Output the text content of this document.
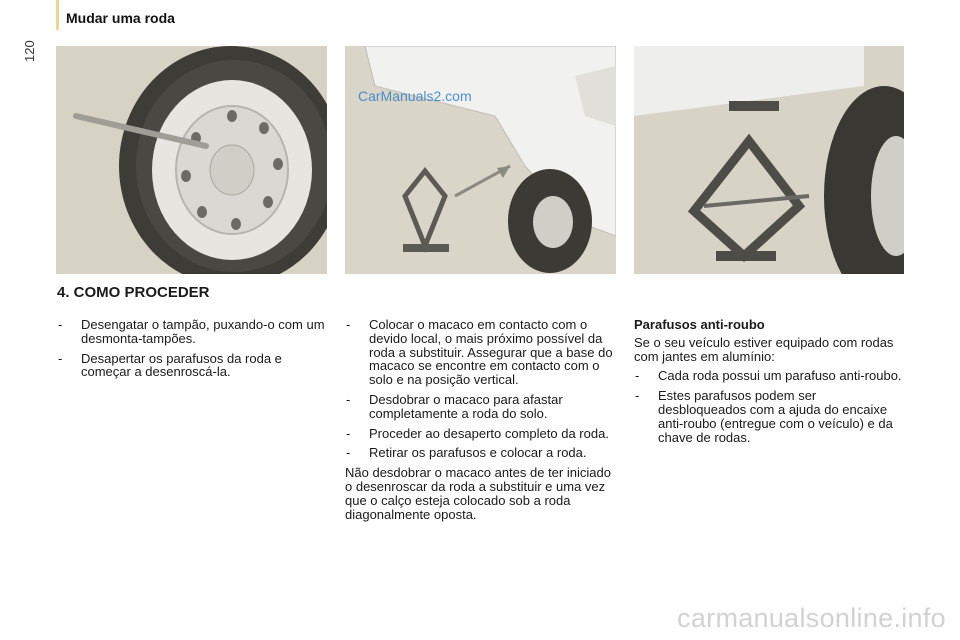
120
Mudar uma roda
CarManuals2.com
4. COMO PROCEDER
- Desengatar o tampão, puxando-o com um desmonta-tampões.
- Desapertar os parafusos da roda e começar a desenroscá-la.
- Colocar o macaco em contacto com o devido local, o mais próximo possível da roda a substituir. Assegurar que a base do macaco se encontre em contacto com o solo e na posição vertical.
- Desdobrar o macaco para afastar completamente a roda do solo.
- Proceder ao desaperto completo da roda.
- Retirar os parafusos e colocar a roda.
Não desdobrar o macaco antes de ter iniciado o desenroscar da roda a substituir e uma vez que o calço esteja colocado sob a roda diagonalmente oposta.
Parafusos anti-roubo
Se o seu veículo estiver equipado com rodas com jantes em alumínio:
- Cada roda possui um parafuso anti-roubo.
- Estes parafusos podem ser desbloqueados com a ajuda do encaixe anti-roubo (entregue com o veículo) e da chave de rodas.
carmanualsonline.info
